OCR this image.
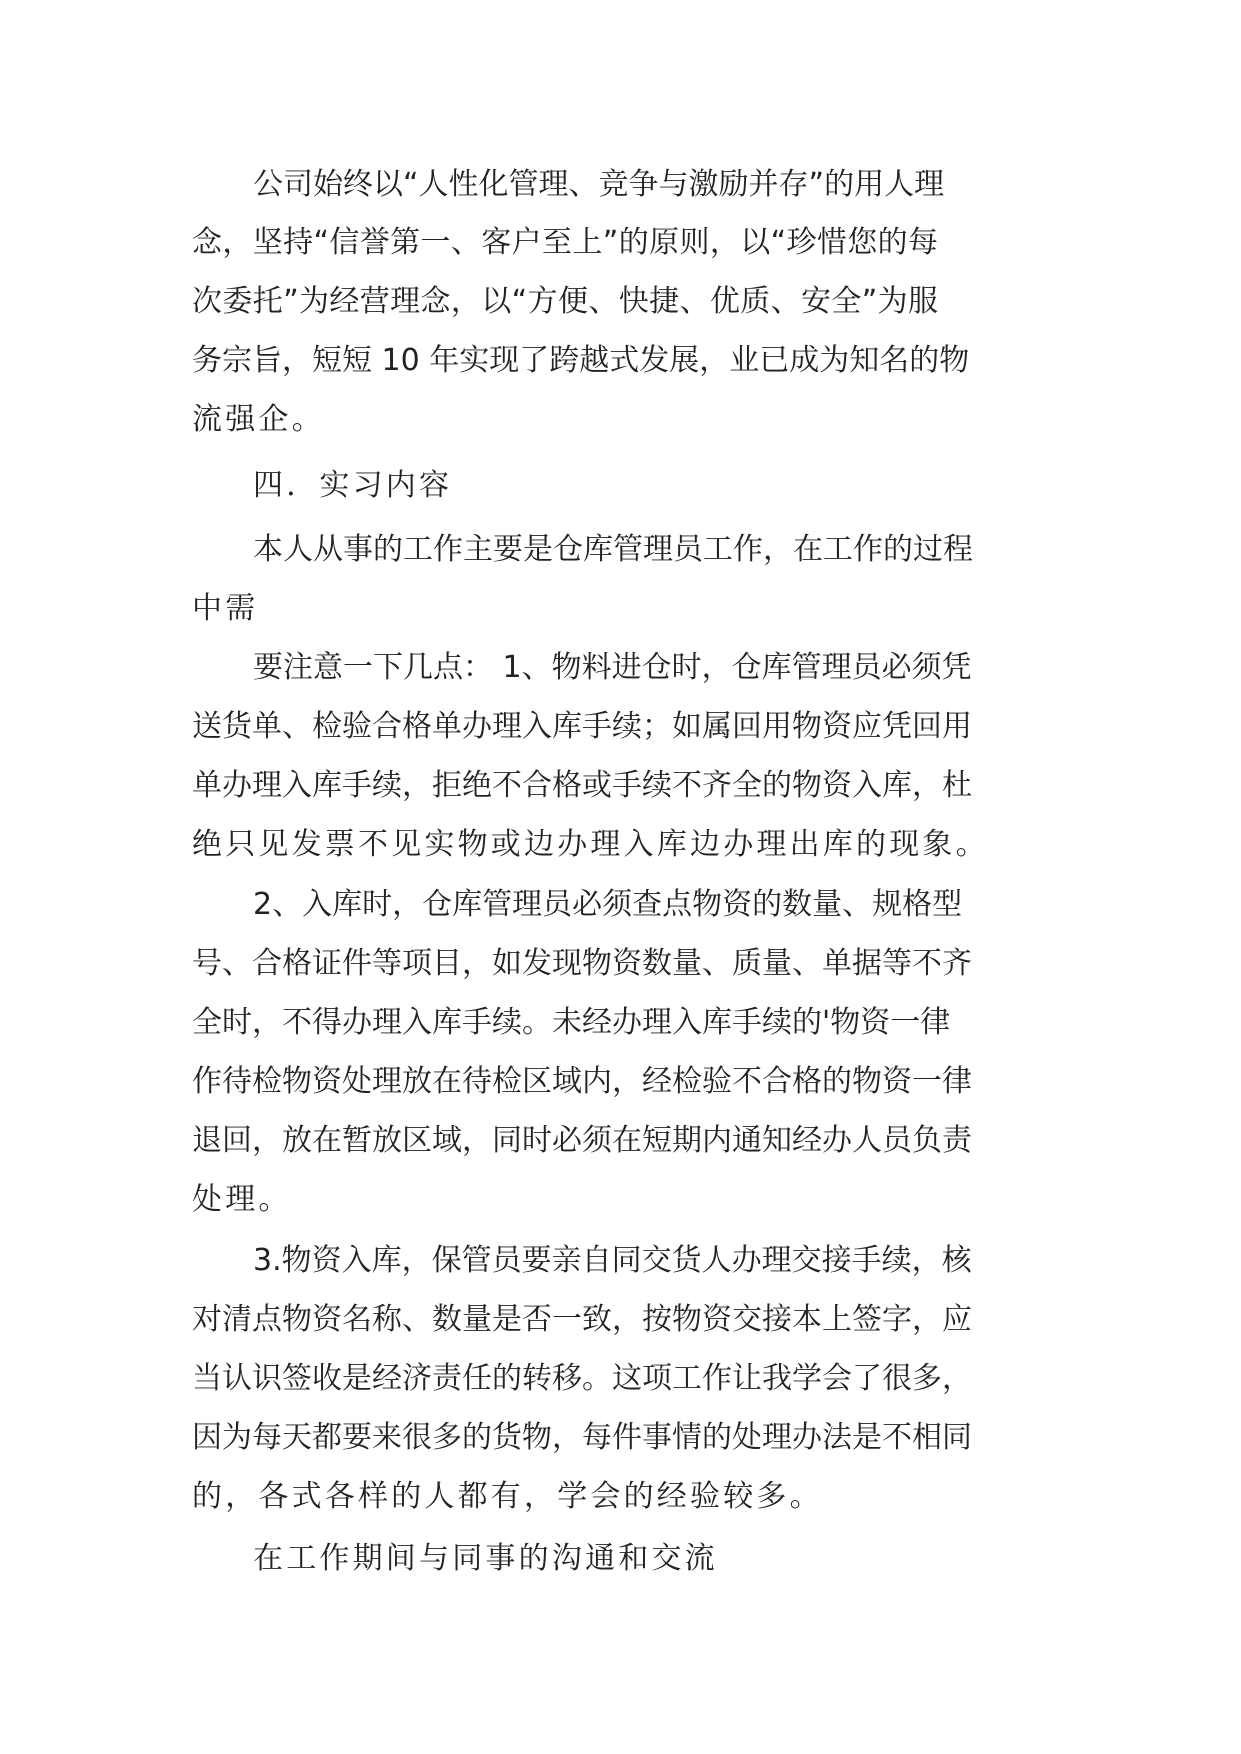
公司始终以“人性化管理、竞争与激励并存”的用人理

念，坚持“信誉第一、客户至上”的原则，以“珍惜您的每

次委托”为经营理念，以“方便、快捷、优质、安全”为服

务宗旨，短短 10 年实现了跨越式发展，业已成为知名的物

流强企。

四．实习内容

本人从事的工作主要是仓库管理员工作，在工作的过程

中需

要注意一下几点： 1、物料进仓时，仓库管理员必须凭

送货单、检验合格单办理入库手续；如属回用物资应凭回用

单办理入库手续，拒绝不合格或手续不齐全的物资入库，杜

绝只见发票不见实物或边办理入库边办理出库的现象。

2、入库时，仓库管理员必须查点物资的数量、规格型

号、合格证件等项目，如发现物资数量、质量、单据等不齐

全时，不得办理入库手续。未经办理入库手续的'物资一律

作待检物资处理放在待检区域内，经检验不合格的物资一律

退回，放在暂放区域，同时必须在短期内通知经办人员负责

处理。

3.物资入库，保管员要亲自同交货人办理交接手续，核

对清点物资名称、数量是否一致，按物资交接本上签字，应

当认识签收是经济责任的转移。这项工作让我学会了很多，

因为每天都要来很多的货物，每件事情的处理办法是不相同

的，各式各样的人都有，学会的经验较多。

在工作期间与同事的沟通和交流
